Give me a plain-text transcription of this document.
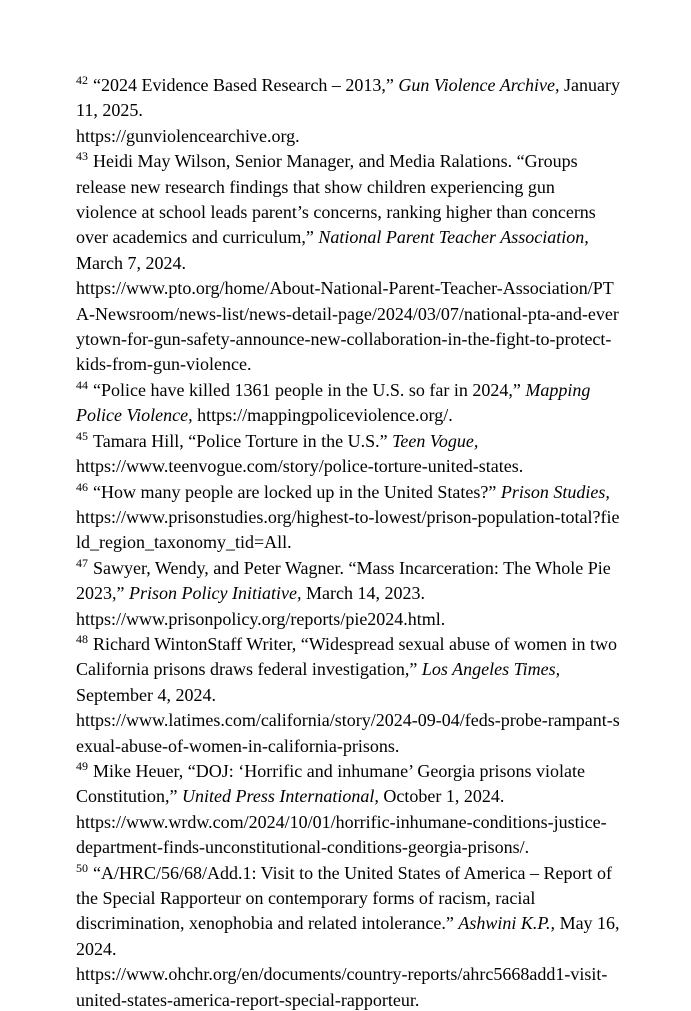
$^{42}$ “2024 Evidence Based Research – 2013,” Gun Violence Archive, January 11, 2025.
https://gunviolencearchive.org.

$^{43}$ Heidi May Wilson, Senior Manager, and Media Ralations. “Groups release new research findings that show children experiencing gun violence at school leads parent’s concerns, ranking higher than concerns over academics and curriculum,” National Parent Teacher Association, March 7, 2024.
https://www.pto.org/home/About-National-Parent-Teacher-Association/PTA-Newsroom/news-list/news-detail-page/2024/03/07/national-pta-and-everytown-for-gun-safety-announce-new-collaboration-in-the-fight-to-protect-kids-from-gun-violence.

$^{44}$ “Police have killed 1361 people in the U.S. so far in 2024,” Mapping Police Violence, https://mappingpoliceviolence.org/.

$^{45}$ Tamara Hill, “Police Torture in the U.S.” Teen Vogue, https://www.teenvogue.com/story/police-torture-united-states.

$^{46}$ “How many people are locked up in the United States?” Prison Studies, https://www.prisonstudies.org/highest-to-lowest/prison-population-total?field_region_taxonomy_tid=All.

$^{47}$ Sawyer, Wendy, and Peter Wagner. “Mass Incarceration: The Whole Pie 2023,” Prison Policy Initiative, March 14, 2023.
https://www.prisonpolicy.org/reports/pie2024.html.

$^{48}$ Richard WintonStaff Writer, “Widespread sexual abuse of women in two California prisons draws federal investigation,” Los Angeles Times, September 4, 2024.
https://www.latimes.com/california/story/2024-09-04/feds-probe-rampant-sexual-abuse-of-women-in-california-prisons.

$^{49}$ Mike Heuer, “DOJ: ‘Horrific and inhumane’ Georgia prisons violate Constitution,” United Press International, October 1, 2024.
https://www.wrdw.com/2024/10/01/horrific-inhumane-conditions-justice-department-finds-unconstitutional-conditions-georgia-prisons/.

$^{50}$ “A/HRC/56/68/Add.1: Visit to the United States of America – Report of the Special Rapporteur on contemporary forms of racism, racial discrimination, xenophobia and related intolerance.” Ashwini K.P., May 16, 2024.
https://www.ohchr.org/en/documents/country-reports/ahrc5668add1-visit-united-states-america-report-special-rapporteur.
